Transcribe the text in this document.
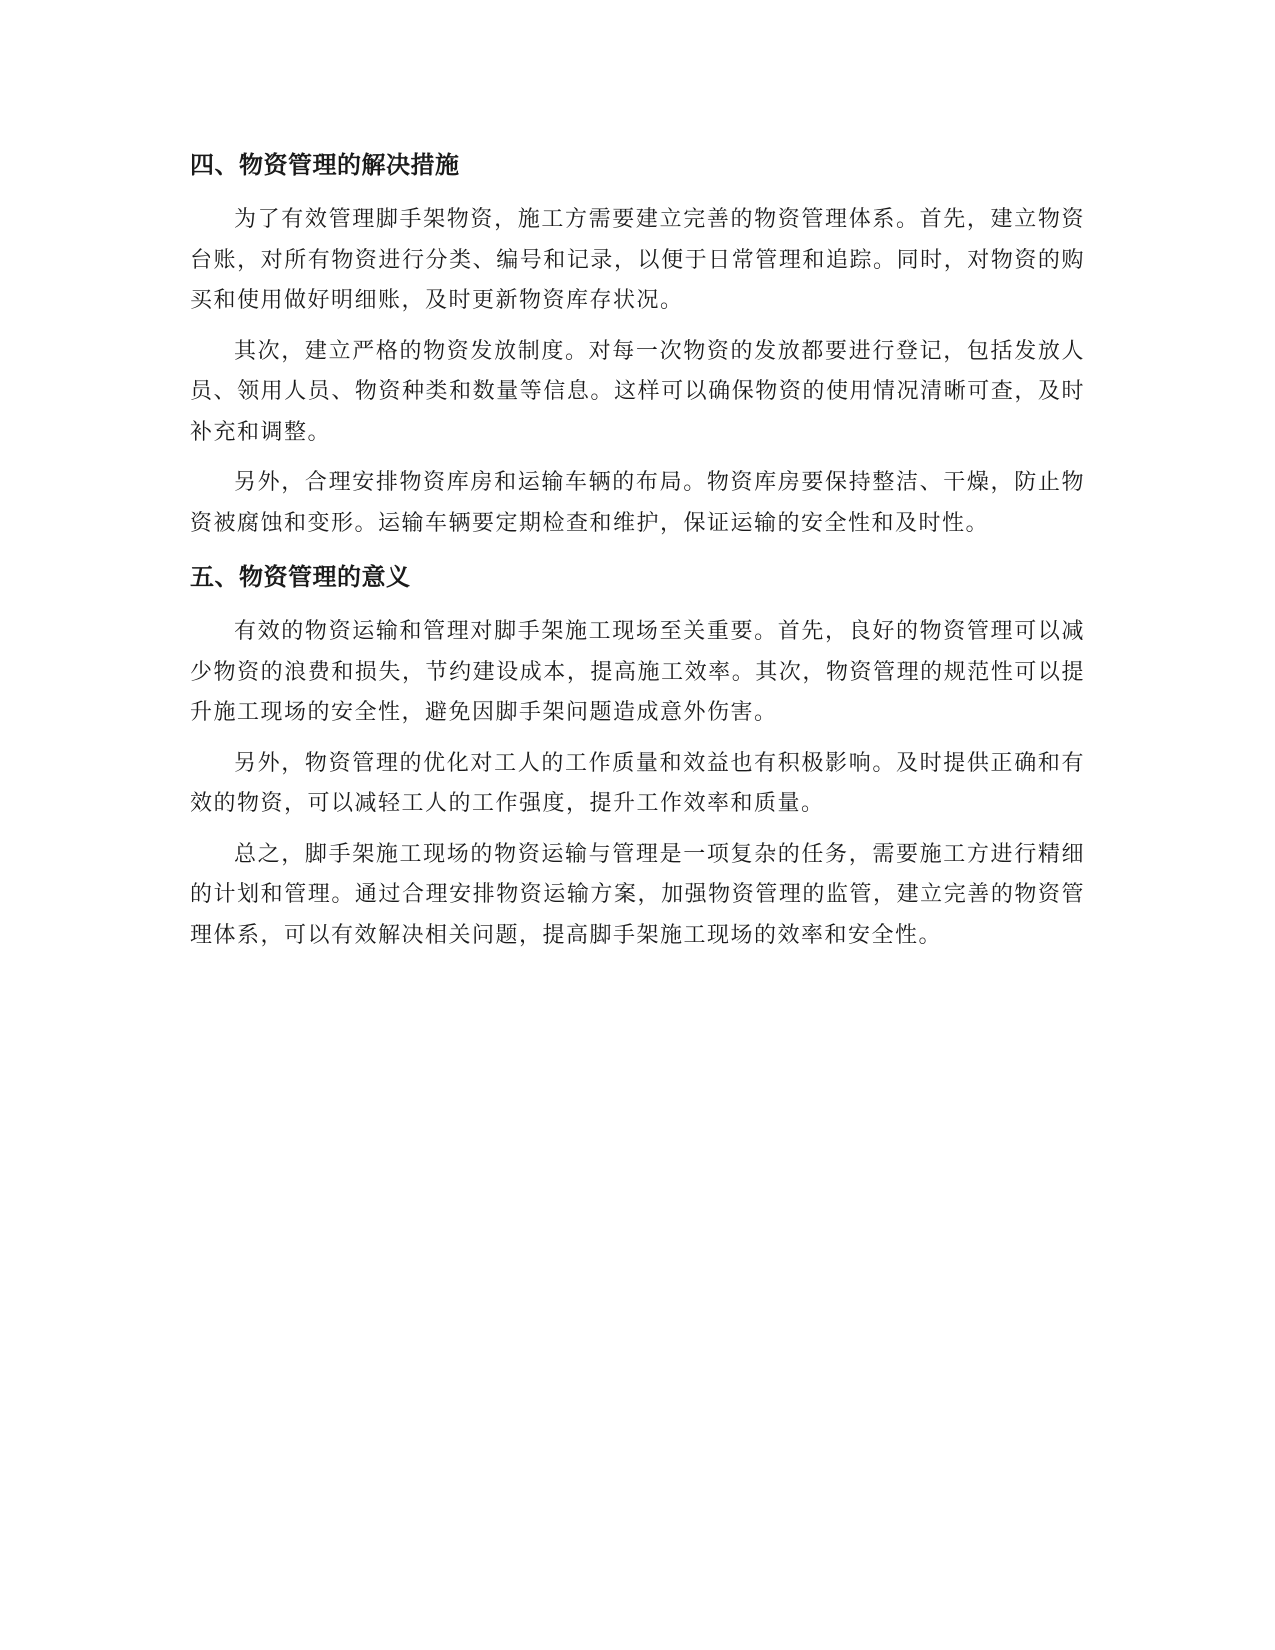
四、物资管理的解决措施

为了有效管理脚手架物资，施工方需要建立完善的物资管理体系。首先，建立物资台账，对所有物资进行分类、编号和记录，以便于日常管理和追踪。同时，对物资的购买和使用做好明细账，及时更新物资库存状况。

其次，建立严格的物资发放制度。对每一次物资的发放都要进行登记，包括发放人员、领用人员、物资种类和数量等信息。这样可以确保物资的使用情况清晰可查，及时补充和调整。

另外，合理安排物资库房和运输车辆的布局。物资库房要保持整洁、干燥，防止物资被腐蚀和变形。运输车辆要定期检查和维护，保证运输的安全性和及时性。

五、物资管理的意义

有效的物资运输和管理对脚手架施工现场至关重要。首先，良好的物资管理可以减少物资的浪费和损失，节约建设成本，提高施工效率。其次，物资管理的规范性可以提升施工现场的安全性，避免因脚手架问题造成意外伤害。

另外，物资管理的优化对工人的工作质量和效益也有积极影响。及时提供正确和有效的物资，可以减轻工人的工作强度，提升工作效率和质量。

总之，脚手架施工现场的物资运输与管理是一项复杂的任务，需要施工方进行精细的计划和管理。通过合理安排物资运输方案，加强物资管理的监管，建立完善的物资管理体系，可以有效解决相关问题，提高脚手架施工现场的效率和安全性。
